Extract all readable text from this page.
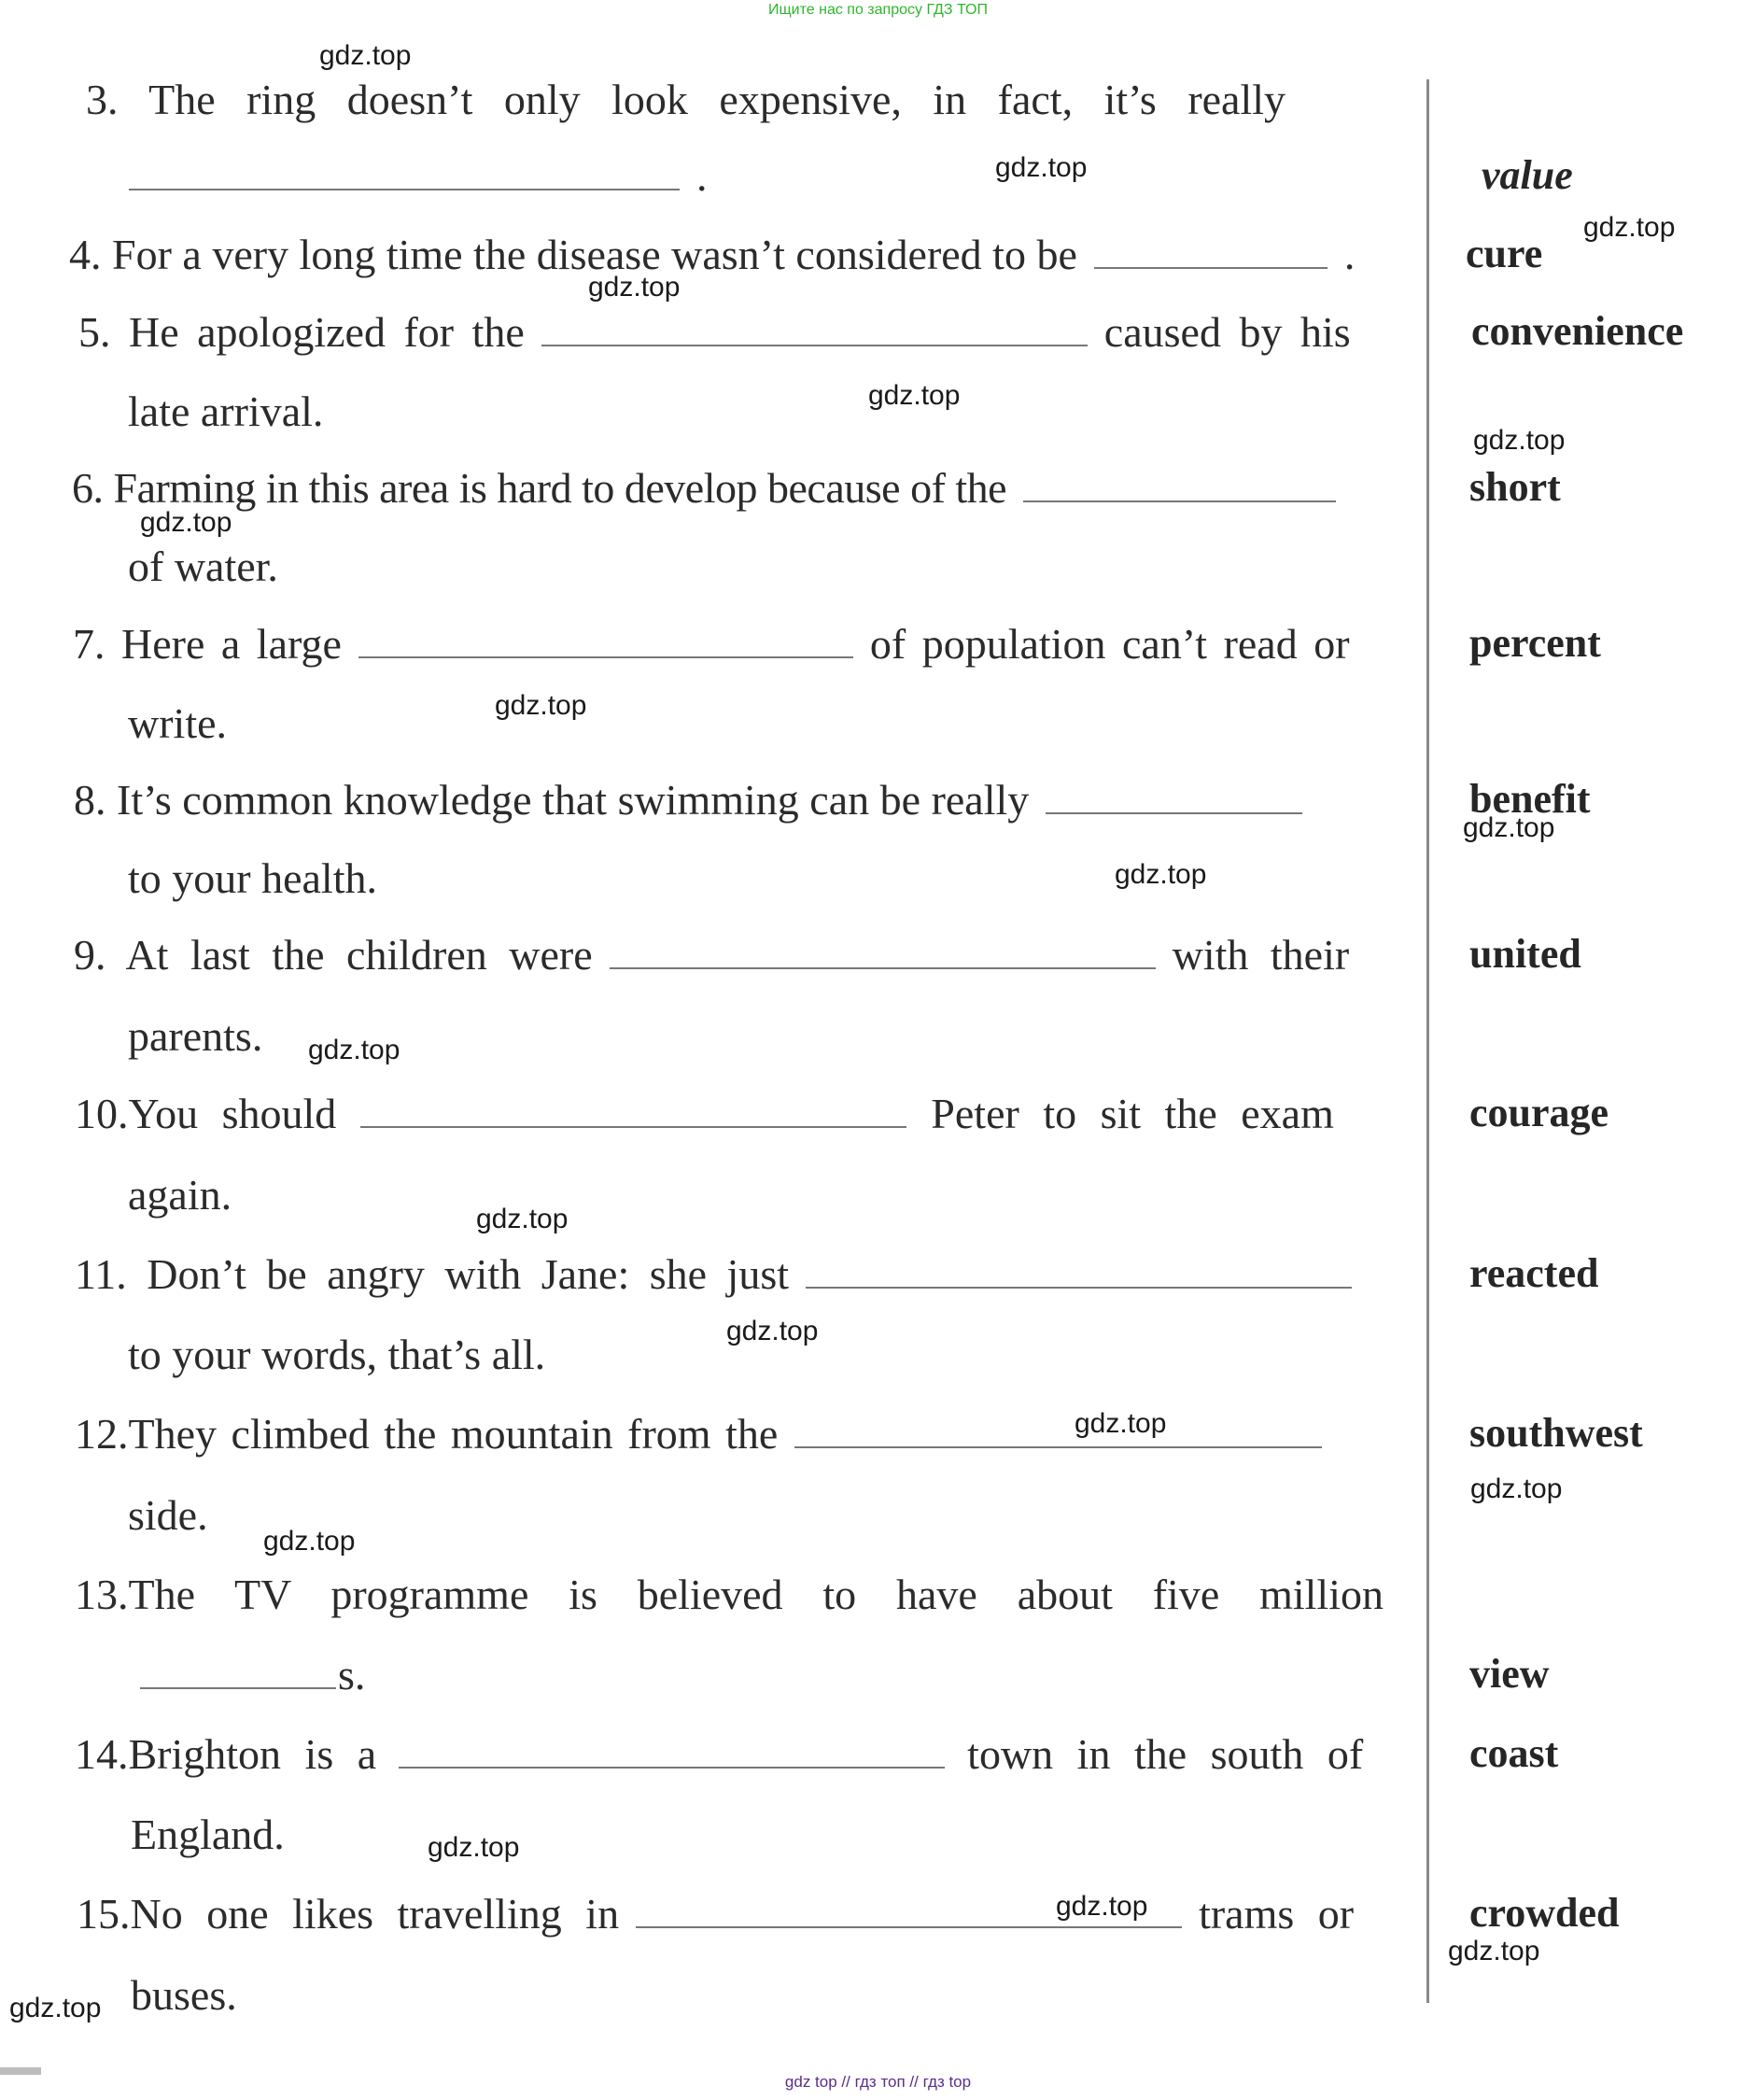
Ищите нас по запросу ГДЗ ТОП
3. The ring doesn’t only look expensive, in fact, it’s really
.
4. For a very long time the disease wasn’t considered to be	.
5. He apologized for the	caused by his
late arrival.
6. Farming in this area is hard to develop because of the
of water.
7. Here a large	of population can’t read or
write.
8. It’s common knowledge that swimming can be really
to your health.
9. At last the children were	with their
parents.
10.You should	Peter to sit the exam
again.
11. Don’t be angry with Jane: she just
to your words, that’s all.
12.They climbed the mountain from the
side.
13.The TV programme is believed to have about five million
s.
14.Brighton is a	town in the south of
England.
15.No one likes travelling in	trams or
buses.
value
cure
convenience
short
percent
benefit
united
courage
reacted
southwest
view
coast
crowded
gdz.top
gdz.top
gdz.top
gdz.top
gdz.top
gdz.top
gdz.top
gdz.top
gdz.top
gdz.top
gdz.top
gdz.top
gdz.top
gdz.top
gdz.top
gdz.top
gdz.top
gdz.top
gdz.top
gdz.top
gdz top // гдз топ // гдз top
